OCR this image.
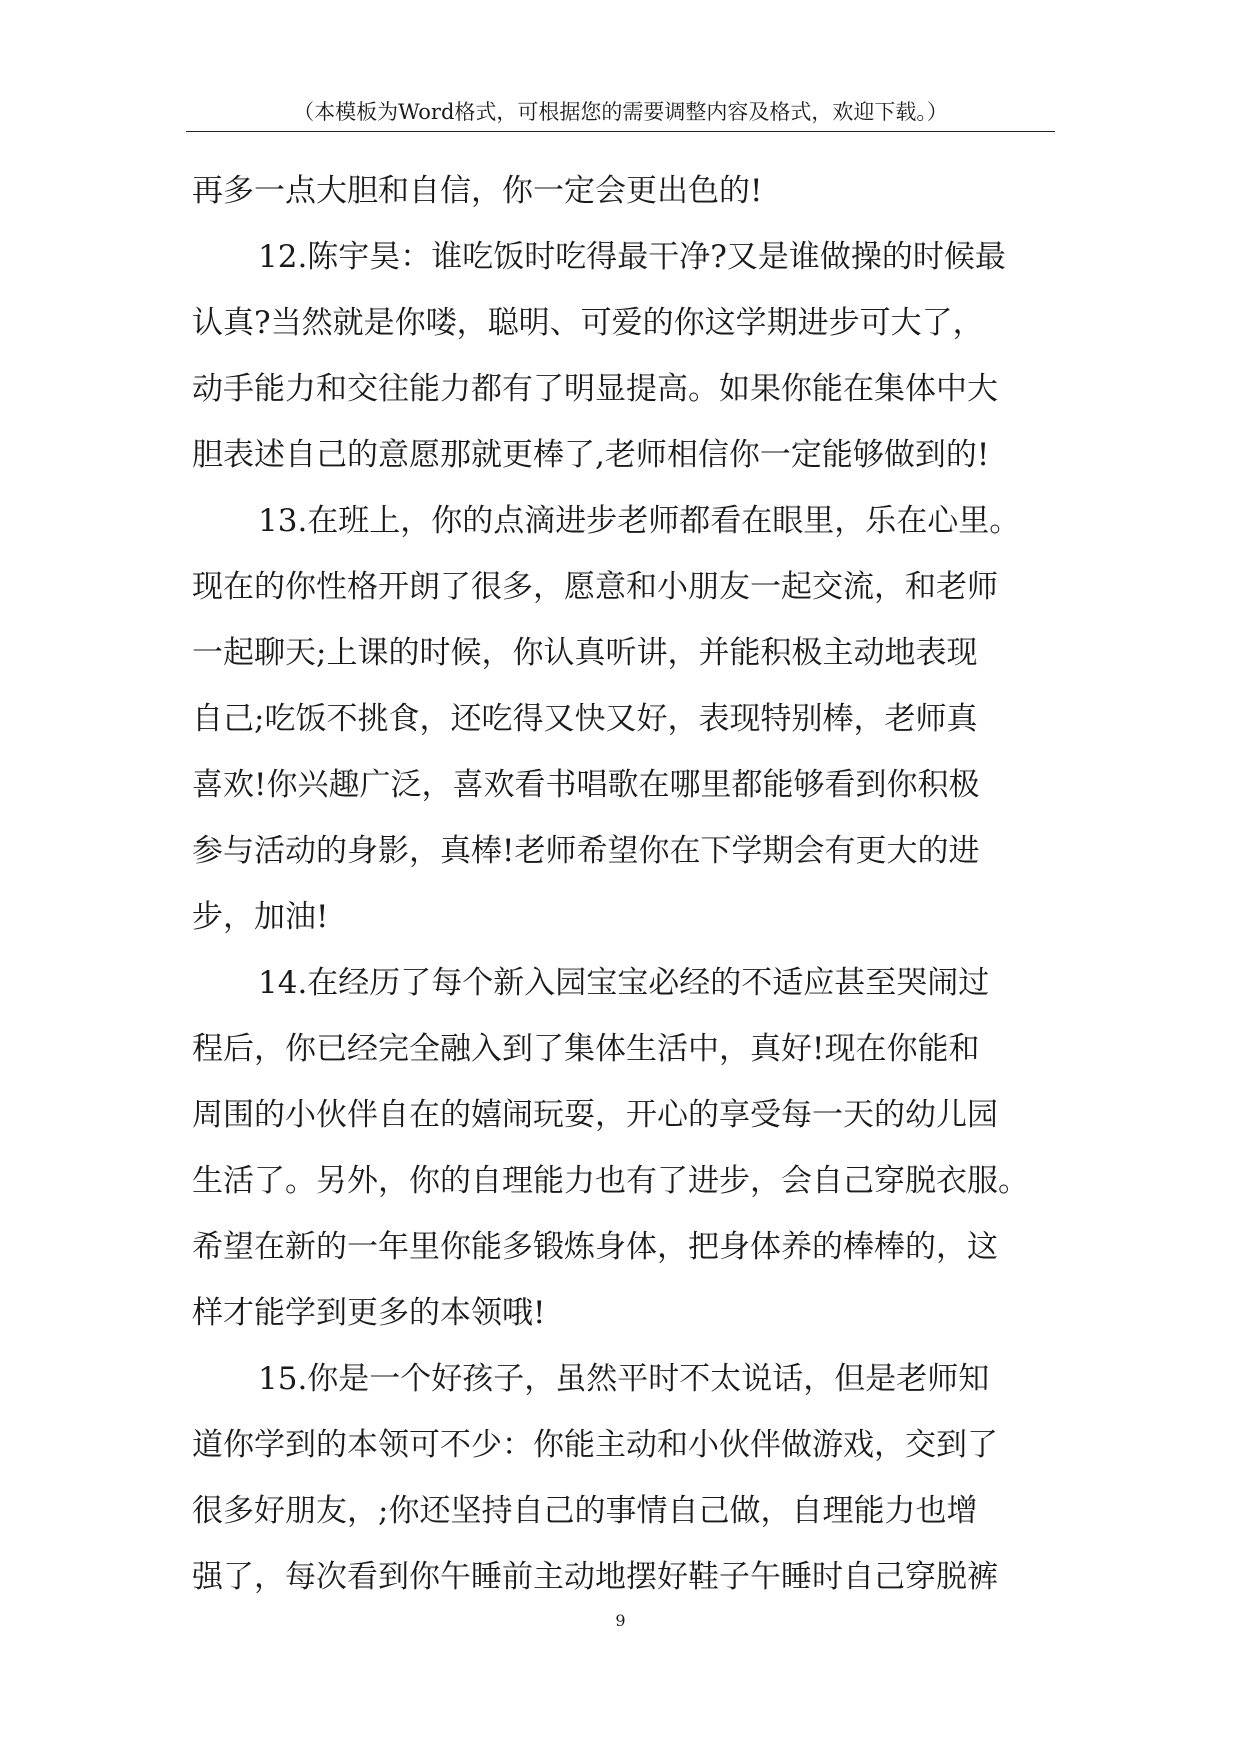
（本模板为Word格式，可根据您的需要调整内容及格式，欢迎下载。）
再多一点大胆和自信，你一定会更出色的!
12.陈宇昊：谁吃饭时吃得最干净?又是谁做操的时候最
认真?当然就是你喽，聪明、可爱的你这学期进步可大了，
动手能力和交往能力都有了明显提高。如果你能在集体中大
胆表述自己的意愿那就更棒了,老师相信你一定能够做到的!
13.在班上，你的点滴进步老师都看在眼里，乐在心里。
现在的你性格开朗了很多，愿意和小朋友一起交流，和老师
一起聊天;上课的时候，你认真听讲，并能积极主动地表现
自己;吃饭不挑食，还吃得又快又好，表现特别棒，老师真
喜欢!你兴趣广泛，喜欢看书唱歌在哪里都能够看到你积极
参与活动的身影，真棒!老师希望你在下学期会有更大的进
步，加油!
14.在经历了每个新入园宝宝必经的不适应甚至哭闹过
程后，你已经完全融入到了集体生活中，真好!现在你能和
周围的小伙伴自在的嬉闹玩耍，开心的享受每一天的幼儿园
生活了。另外，你的自理能力也有了进步，会自己穿脱衣服。
希望在新的一年里你能多锻炼身体，把身体养的棒棒的，这
样才能学到更多的本领哦!
15.你是一个好孩子，虽然平时不太说话，但是老师知
道你学到的本领可不少：你能主动和小伙伴做游戏，交到了
很多好朋友，;你还坚持自己的事情自己做，自理能力也增
强了，每次看到你午睡前主动地摆好鞋子午睡时自己穿脱裤
9
